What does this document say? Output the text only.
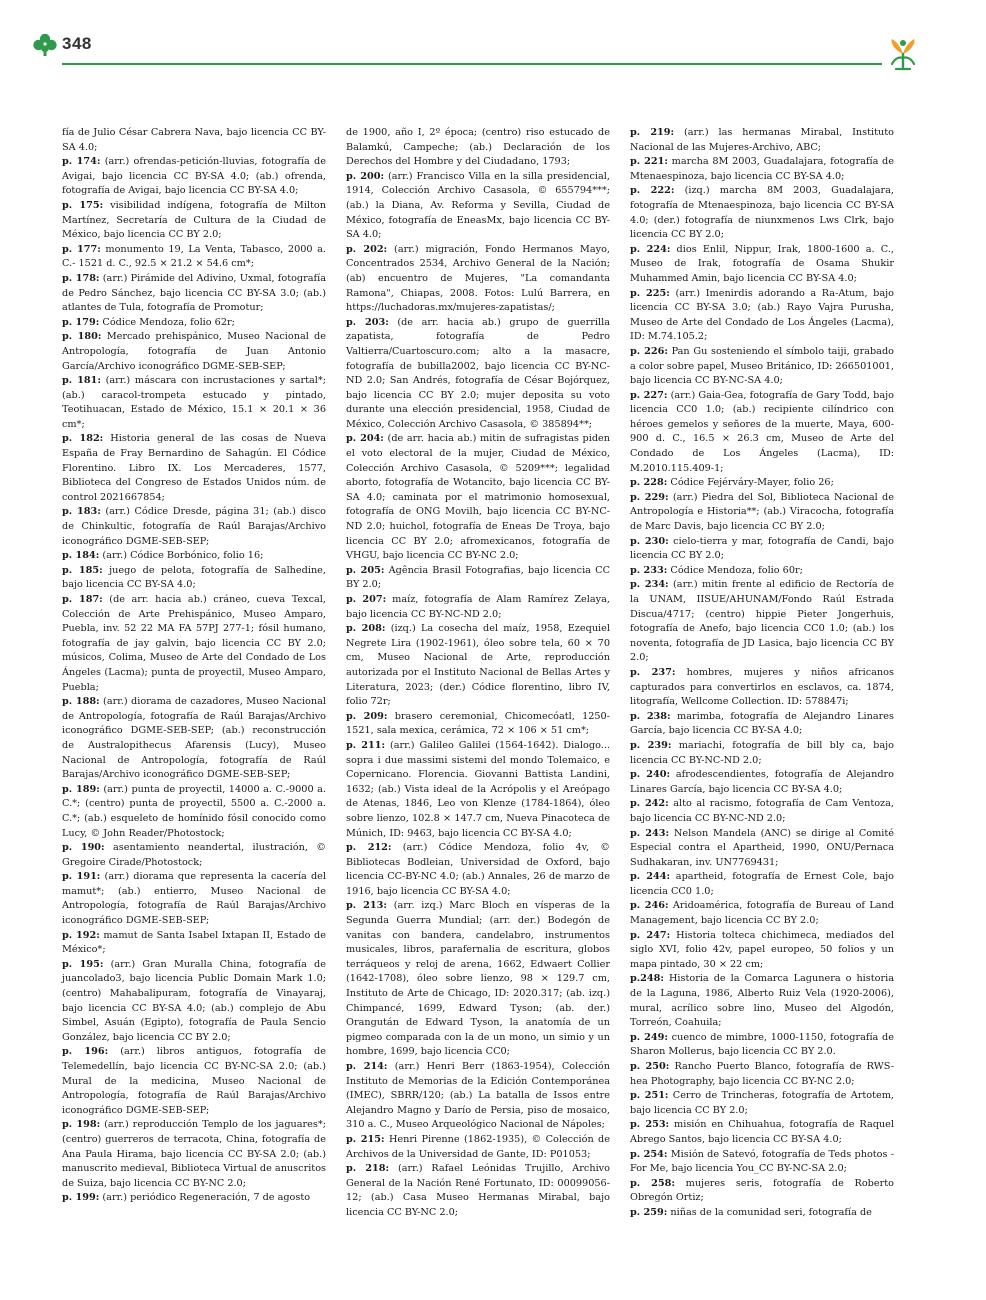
348

fía de Julio César Cabrera Nava, bajo licencia CC BY-SA 4.0;

p. 174: (arr.) ofrendas-petición-lluvias, fotografía de Avigai, bajo licencia CC BY-SA 4.0; (ab.) ofrenda, fotografía de Avigai, bajo licencia CC BY-SA 4.0;

p. 175: visibilidad indígena, fotografía de Milton Martínez, Secretaría de Cultura de la Ciudad de México, bajo licencia CC BY 2.0;

p. 177: monumento 19, La Venta, Tabasco, 2000 a. C.- 1521 d. C., 92.5 × 21.2 × 54.6 cm*;

p. 178: (arr.) Pirámide del Adivino, Uxmal, fotografía de Pedro Sánchez, bajo licencia CC BY-SA 3.0; (ab.) atlantes de Tula, fotografía de Promotur;

p. 179: Códice Mendoza, folio 62r;

p. 180: Mercado prehispánico, Museo Nacional de Antropología, fotografía de Juan Antonio García/Archivo iconográfico DGME-SEB-SEP;

p. 181: (arr.) máscara con incrustaciones y sartal*; (ab.) caracol-trompeta estucado y pintado, Teotihuacan, Estado de México, 15.1 × 20.1 × 36 cm*;

p. 182: Historia general de las cosas de Nueva España de Fray Bernardino de Sahagún. El Códice Florentino. Libro IX. Los Mercaderes, 1577, Biblioteca del Congreso de Estados Unidos núm. de control 2021667854;

p. 183: (arr.) Códice Dresde, página 31; (ab.) disco de Chinkultic, fotografía de Raúl Barajas/Archivo iconográfico DGME-SEB-SEP;

p. 184: (arr.) Códice Borbónico, folio 16;

p. 185: juego de pelota, fotografía de Salhedine, bajo licencia CC BY-SA 4.0;

p. 187: (de arr. hacia ab.) cráneo, cueva Texcal, Colección de Arte Prehispánico, Museo Amparo, Puebla, inv. 52 22 MA FA 57PJ 277-1; fósil humano, fotografía de jay galvin, bajo licencia CC BY 2.0; músicos, Colima, Museo de Arte del Condado de Los Ángeles (Lacma); punta de proyectil, Museo Amparo, Puebla;

p. 188: (arr.) diorama de cazadores, Museo Nacional de Antropología, fotografía de Raúl Barajas/Archivo iconográfico DGME-SEB-SEP; (ab.) reconstrucción de Australopithecus Afarensis (Lucy), Museo Nacional de Antropología, fotografía de Raúl Barajas/Archivo iconográfico DGME-SEB-SEP;

p. 189: (arr.) punta de proyectil, 14000 a. C.-9000 a. C.*; (centro) punta de proyectil, 5500 a. C.-2000 a. C.*; (ab.) esqueleto de homínido fósil conocido como Lucy, © John Reader/Photostock;

p. 190: asentamiento neandertal, ilustración, © Gregoire Cirade/Photostock;

p. 191: (arr.) diorama que representa la cacería del mamut*; (ab.) entierro, Museo Nacional de Antropología, fotografía de Raúl Barajas/Archivo iconográfico DGME-SEB-SEP;

p. 192: mamut de Santa Isabel Ixtapan II, Estado de México*;

p. 195: (arr.) Gran Muralla China, fotografía de juancolado3, bajo licencia Public Domain Mark 1.0; (centro) Mahabalipuram, fotografía de Vinayaraj, bajo licencia CC BY-SA 4.0; (ab.) complejo de Abu Simbel, Asuán (Egipto), fotografía de Paula Sencio González, bajo licencia CC BY 2.0;

p. 196: (arr.) libros antiguos, fotografía de Telemedellín, bajo licencia CC BY-NC-SA 2.0; (ab.) Mural de la medicina, Museo Nacional de Antropología, fotografía de Raúl Barajas/Archivo iconográfico DGME-SEB-SEP;

p. 198: (arr.) reproducción Templo de los jaguares*; (centro) guerreros de terracota, China, fotografía de Ana Paula Hirama, bajo licencia CC BY-SA 2.0; (ab.) manuscrito medieval, Biblioteca Virtual de anuscritos de Suiza, bajo licencia CC BY-NC 2.0;

p. 199: (arr.) periódico Regeneración, 7 de agosto

de 1900, año I, 2º época; (centro) riso estucado de Balamkú, Campeche; (ab.) Declaración de los Derechos del Hombre y del Ciudadano, 1793;

p. 200: (arr.) Francisco Villa en la silla presidencial, 1914, Colección Archivo Casasola, © 655794***; (ab.) la Diana, Av. Reforma y Sevilla, Ciudad de México, fotografía de EneasMx, bajo licencia CC BY-SA 4.0;

p. 202: (arr.) migración, Fondo Hermanos Mayo, Concentrados 2534, Archivo General de la Nación; (ab) encuentro de Mujeres, "La comandanta Ramona", Chiapas, 2008. Fotos: Lulú Barrera, en https://luchadoras.mx/mujeres-zapatistas/;

p. 203: (de arr. hacia ab.) grupo de guerrilla zapatista, fotografía de Pedro Valtierra/Cuartoscuro.com; alto a la masacre, fotografía de bubilla2002, bajo licencia CC BY-NC-ND 2.0; San Andrés, fotografía de César Bojórquez, bajo licencia CC BY 2.0; mujer deposita su voto durante una elección presidencial, 1958, Ciudad de México, Colección Archivo Casasola, © 385894**;

p. 204: (de arr. hacia ab.) mitin de sufragistas piden el voto electoral de la mujer, Ciudad de México, Colección Archivo Casasola, © 5209***; legalidad aborto, fotografía de Wotancito, bajo licencia CC BY-SA 4.0; caminata por el matrimonio homosexual, fotografía de ONG Movilh, bajo licencia CC BY-NC-ND 2.0; huichol, fotografía de Eneas De Troya, bajo licencia CC BY 2.0; afromexicanos, fotografía de VHGU, bajo licencia CC BY-NC 2.0;

p. 205: Agência Brasil Fotografias, bajo licencia CC BY 2.0;

p. 207: maíz, fotografía de Alam Ramírez Zelaya, bajo licencia CC BY-NC-ND 2.0;

p. 208: (izq.) La cosecha del maíz, 1958, Ezequiel Negrete Lira (1902-1961), óleo sobre tela, 60 × 70 cm, Museo Nacional de Arte, reproducción autorizada por el Instituto Nacional de Bellas Artes y Literatura, 2023; (der.) Códice florentino, libro IV, folio 72r;

p. 209: brasero ceremonial, Chicomecóatl, 1250-1521, sala mexica, cerámica, 72 × 106 × 51 cm*;

p. 211: (arr.) Galileo Galilei (1564-1642). Dialogo... sopra i due massimi sistemi del mondo Tolemaico, e Copernicano. Florencia. Giovanni Battista Landini, 1632; (ab.) Vista ideal de la Acrópolis y el Areópago de Atenas, 1846, Leo von Klenze (1784-1864), óleo sobre lienzo, 102.8 × 147.7 cm, Nueva Pinacoteca de Múnich, ID: 9463, bajo licencia CC BY-SA 4.0;

p. 212: (arr.) Códice Mendoza, folio 4v, © Bibliotecas Bodleian, Universidad de Oxford, bajo licencia CC-BY-NC 4.0; (ab.) Annales, 26 de marzo de 1916, bajo licencia CC BY-SA 4.0;

p. 213: (arr. izq.) Marc Bloch en vísperas de la Segunda Guerra Mundial; (arr. der.) Bodegón de vanitas con bandera, candelabro, instrumentos musicales, libros, parafernalia de escritura, globos terráqueos y reloj de arena, 1662, Edwaert Collier (1642-1708), óleo sobre lienzo, 98 × 129.7 cm, Instituto de Arte de Chicago, ID: 2020.317; (ab. izq.) Chimpancé, 1699, Edward Tyson; (ab. der.) Orangután de Edward Tyson, la anatomía de un pigmeo comparada con la de un mono, un simio y un hombre, 1699, bajo licencia CC0;

p. 214: (arr.) Henri Berr (1863-1954), Colección Instituto de Memorias de la Edición Contemporánea (IMEC), SBRR/120; (ab.) La batalla de Issos entre Alejandro Magno y Darío de Persia, piso de mosaico, 310 a. C., Museo Arqueológico Nacional de Nápoles;

p. 215: Henri Pirenne (1862-1935), © Colección de Archivos de la Universidad de Gante, ID: P01053;

p. 218: (arr.) Rafael Leónidas Trujillo, Archivo General de la Nación René Fortunato, ID: 00099056-12; (ab.) Casa Museo Hermanas Mirabal, bajo licencia CC BY-NC 2.0;

p. 219: (arr.) las hermanas Mirabal, Instituto Nacional de las Mujeres-Archivo, ABC;

p. 221: marcha 8M 2003, Guadalajara, fotografía de Mtenaespinoza, bajo licencia CC BY-SA 4.0;

p. 222: (izq.) marcha 8M 2003, Guadalajara, fotografía de Mtenaespinoza, bajo licencia CC BY-SA 4.0; (der.) fotografía de niunxmenos Lws Clrk, bajo licencia CC BY 2.0;

p. 224: dios Enlil, Nippur, Irak, 1800-1600 a. C., Museo de Irak, fotografía de Osama Shukir Muhammed Amin, bajo licencia CC BY-SA 4.0;

p. 225: (arr.) Imenirdis adorando a Ra-Atum, bajo licencia CC BY-SA 3.0; (ab.) Rayo Vajra Purusha, Museo de Arte del Condado de Los Ángeles (Lacma), ID: M.74.105.2;

p. 226: Pan Gu sosteniendo el símbolo taiji, grabado a color sobre papel, Museo Británico, ID: 266501001, bajo licencia CC BY-NC-SA 4.0;

p. 227: (arr.) Gaia-Gea, fotografía de Gary Todd, bajo licencia CC0 1.0; (ab.) recipiente cilíndrico con héroes gemelos y señores de la muerte, Maya, 600-900 d. C., 16.5 × 26.3 cm, Museo de Arte del Condado de Los Ángeles (Lacma), ID: M.2010.115.409-1;

p. 228: Códice Fejérváry-Mayer, folio 26;

p. 229: (arr.) Piedra del Sol, Biblioteca Nacional de Antropología e Historia**; (ab.) Viracocha, fotografía de Marc Davis, bajo licencia CC BY 2.0;

p. 230: cielo-tierra y mar, fotografía de Candi, bajo licencia CC BY 2.0;

p. 233: Códice Mendoza, folio 60r;

p. 234: (arr.) mitin frente al edificio de Rectoría de la UNAM, IISUE/AHUNAM/Fondo Raúl Estrada Discua/4717; (centro) hippie Pieter Jongerhuis, fotografía de Anefo, bajo licencia CC0 1.0; (ab.) los noventa, fotografía de JD Lasica, bajo licencia CC BY 2.0;

p. 237: hombres, mujeres y niños africanos capturados para convertirlos en esclavos, ca. 1874, litografía, Wellcome Collection. ID: 578847i;

p. 238: marimba, fotografía de Alejandro Linares García, bajo licencia CC BY-SA 4.0;

p. 239: mariachi, fotografía de bill bly ca, bajo licencia CC BY-NC-ND 2.0;

p. 240: afrodescendientes, fotografía de Alejandro Linares García, bajo licencia CC BY-SA 4.0;

p. 242: alto al racismo, fotografía de Cam Ventoza, bajo licencia CC BY-NC-ND 2.0;

p. 243: Nelson Mandela (ANC) se dirige al Comité Especial contra el Apartheid, 1990, ONU/Pernaca Sudhakaran, inv. UN7769431;

p. 244: apartheid, fotografía de Ernest Cole, bajo licencia CC0 1.0;

p. 246: Aridoamérica, fotografía de Bureau of Land Management, bajo licencia CC BY 2.0;

p. 247: Historia tolteca chichimeca, mediados del siglo XVI, folio 42v, papel europeo, 50 folios y un mapa pintado, 30 × 22 cm;

p.248: Historia de la Comarca Lagunera o historia de la Laguna, 1986, Alberto Ruiz Vela (1920-2006), mural, acrílico sobre lino, Museo del Algodón, Torreón, Coahuila;

p. 249: cuenco de mimbre, 1000-1150, fotografía de Sharon Mollerus, bajo licencia CC BY 2.0.

p. 250: Rancho Puerto Blanco, fotografía de RWS-hea Photography, bajo licencia CC BY-NC 2.0;

p. 251: Cerro de Trincheras, fotografía de Artotem, bajo licencia CC BY 2.0;

p. 253: misión en Chihuahua, fotografía de Raquel Abrego Santos, bajo licencia CC BY-SA 4.0;

p. 254: Misión de Satevó, fotografía de Teds photos - For Me, bajo licencia You_CC BY-NC-SA 2.0;

p. 258: mujeres seris, fotografía de Roberto Obregón Ortiz;

p. 259: niñas de la comunidad seri, fotografía de
